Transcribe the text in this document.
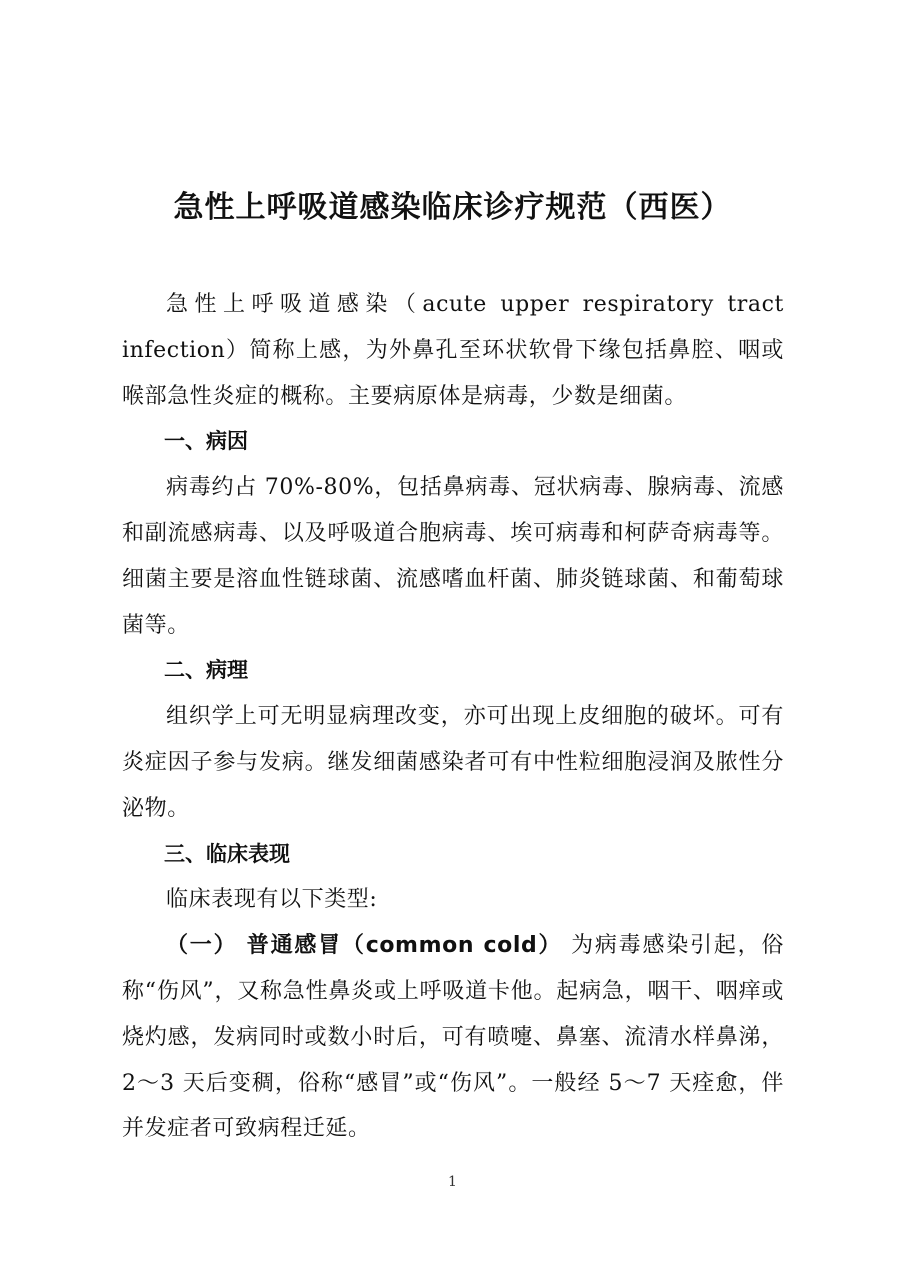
急性上呼吸道感染临床诊疗规范（西医）

急性上呼吸道感染（acute upper respiratory tract infection）简称上感，为外鼻孔至环状软骨下缘包括鼻腔、咽或喉部急性炎症的概称。主要病原体是病毒，少数是细菌。

一、病因

病毒约占 70%-80%，包括鼻病毒、冠状病毒、腺病毒、流感和副流感病毒、以及呼吸道合胞病毒、埃可病毒和柯萨奇病毒等。细菌主要是溶血性链球菌、流感嗜血杆菌、肺炎链球菌、和葡萄球菌等。

二、病理

组织学上可无明显病理改变，亦可出现上皮细胞的破坏。可有炎症因子参与发病。继发细菌感染者可有中性粒细胞浸润及脓性分泌物。

三、临床表现

临床表现有以下类型:

（一） 普通感冒（common cold） 为病毒感染引起，俗称“伤风”，又称急性鼻炎或上呼吸道卡他。起病急，咽干、咽痒或烧灼感，发病同时或数小时后，可有喷嚏、鼻塞、流清水样鼻涕，2～3 天后变稠，俗称“感冒”或“伤风”。一般经 5～7 天痊愈，伴并发症者可致病程迁延。

1
